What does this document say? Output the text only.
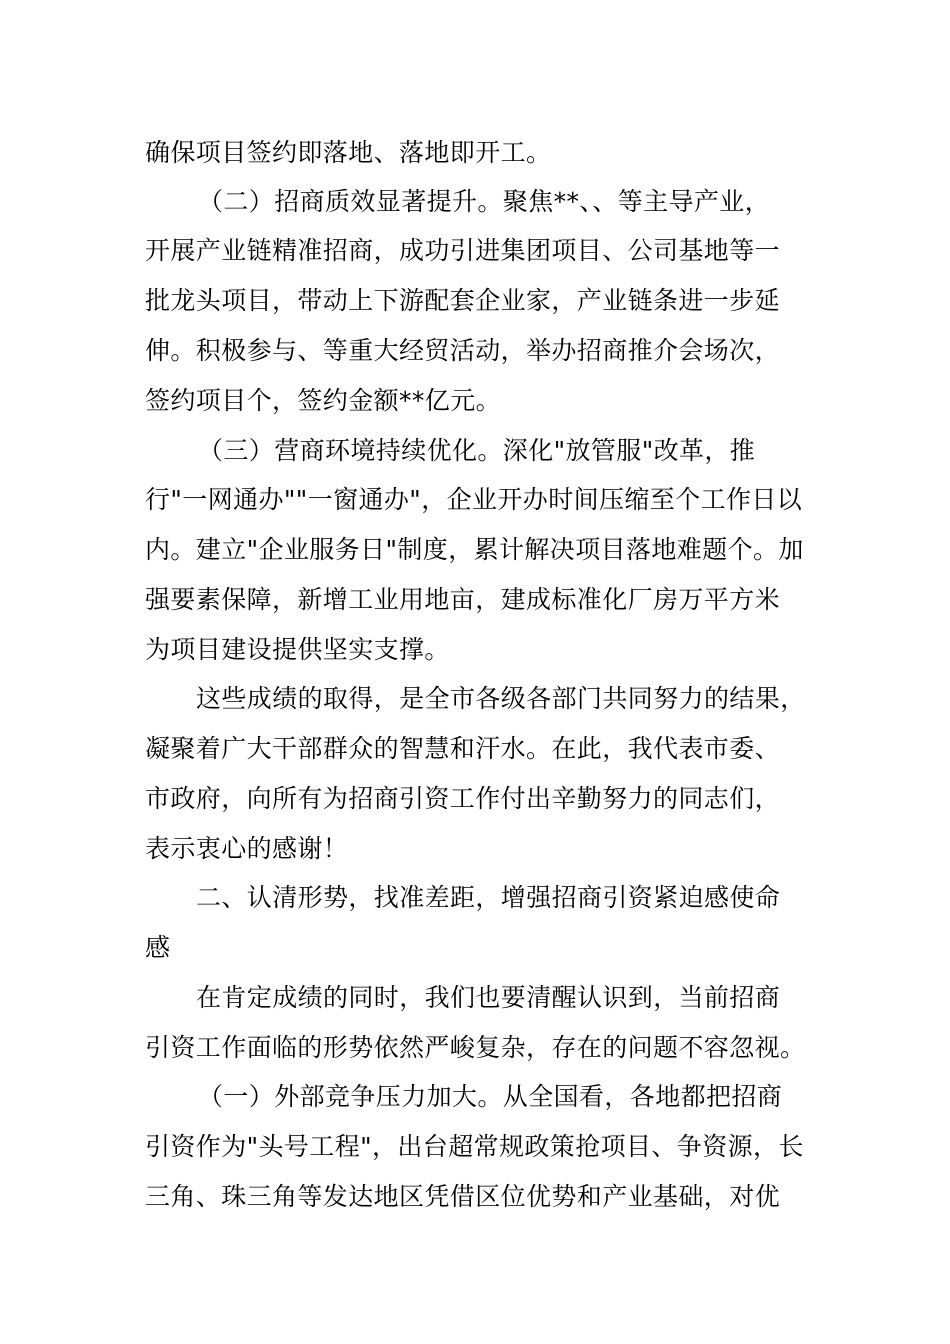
确保项目签约即落地、落地即开工。
（二）招商质效显著提升。聚焦**、、等主导产业，
开展产业链精准招商，成功引进集团项目、公司基地等一
批龙头项目，带动上下游配套企业家，产业链条进一步延
伸。积极参与、等重大经贸活动，举办招商推介会场次，
签约项目个，签约金额**亿元。
（三）营商环境持续优化。深化"放管服"改革，推
行"一网通办""一窗通办"，企业开办时间压缩至个工作日以
内。建立"企业服务日"制度，累计解决项目落地难题个。加
强要素保障，新增工业用地亩，建成标准化厂房万平方米
为项目建设提供坚实支撑。
这些成绩的取得，是全市各级各部门共同努力的结果，
凝聚着广大干部群众的智慧和汗水。在此，我代表市委、
市政府，向所有为招商引资工作付出辛勤努力的同志们，
表示衷心的感谢！
二、认清形势，找准差距，增强招商引资紧迫感使命
感
在肯定成绩的同时，我们也要清醒认识到，当前招商
引资工作面临的形势依然严峻复杂，存在的问题不容忽视。
（一）外部竞争压力加大。从全国看，各地都把招商
引资作为"头号工程"，出台超常规政策抢项目、争资源，长
三角、珠三角等发达地区凭借区位优势和产业基础，对优
